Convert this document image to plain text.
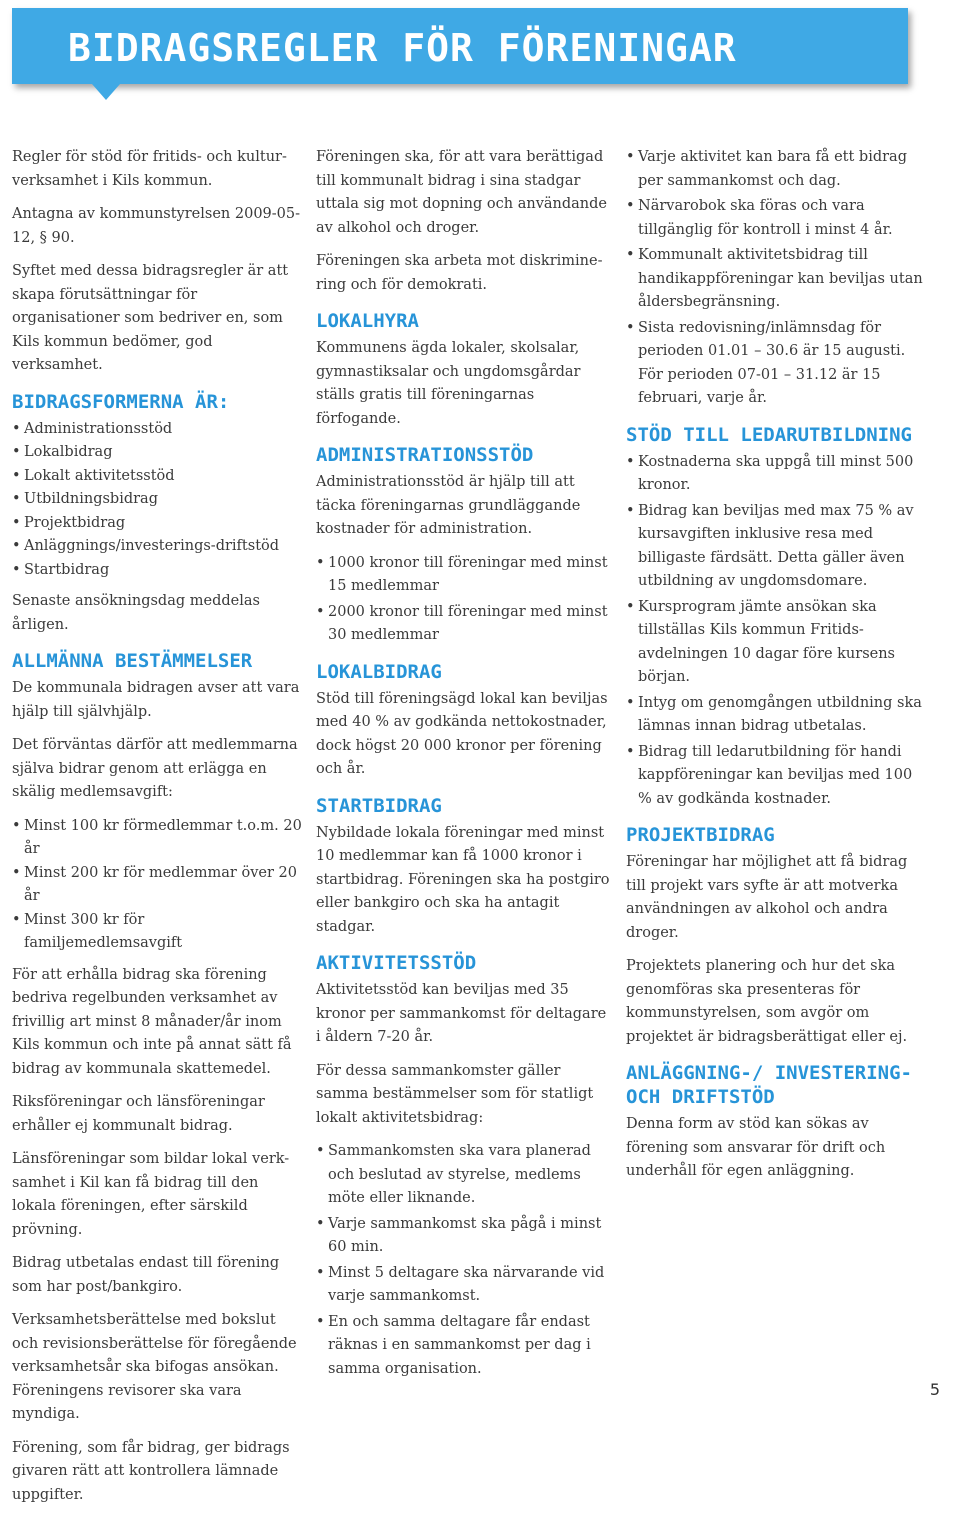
BIDRAGSREGLER FÖR FÖRENINGAR

Regler för stöd för fritids- och kultur-verksamhet i Kils kommun.

Antagna av kommunstyrelsen 2009-05-12, § 90.

Syftet med dessa bidragsregler är att skapa förutsättningar för organisationer som bedriver en, som Kils kommun bedömer, god verksamhet.

BIDRAGSFORMERNA ÄR:
• Administrationsstöd
• Lokalbidrag
• Lokalt aktivitetsstöd
• Utbildningsbidrag
• Projektbidrag
• Anläggnings/investerings-driftstöd
• Startbidrag

Senaste ansökningsdag meddelas årligen.

ALLMÄNNA BESTÄMMELSER

De kommunala bidragen avser att vara hjälp till självhjälp.

Det förväntas därför att medlemmarna själva bidrar genom att erlägga en skälig medlemsavgift:

• Minst 100 kr förmedlemmar t.o.m. 20 år
• Minst 200 kr för medlemmar över 20 år
• Minst 300 kr för familjemedlemsavgift

För att erhålla bidrag ska förening bedriva regelbunden verksamhet av frivillig art minst 8 månader/år inom Kils kommun och inte på annat sätt få bidrag av kommunala skattemedel.

Riksföreningar och länsföreningar erhåller ej kommunalt bidrag.

Länsföreningar som bildar lokal verk-samhet i Kil kan få bidrag till den lokala föreningen, efter särskild prövning.

Bidrag utbetalas endast till förening som har post/bankgiro.

Verksamhetsberättelse med bokslut och revisionsberättelse för föregående verksamhetsår ska bifogas ansökan. Föreningens revisorer ska vara myndiga.

Förening, som får bidrag, ger bidrags givaren rätt att kontrollera lämnade uppgifter.

Föreningen ska, för att vara berättigad till kommunalt bidrag i sina stadgar uttala sig mot dopning och användande av alkohol och droger.

Föreningen ska arbeta mot diskrimine-ring och för demokrati.

LOKALHYRA

Kommunens ägda lokaler, skolsalar, gymnastiksalar och ungdomsgårdar ställs gratis till föreningarnas förfogande.

ADMINISTRATIONSSTÖD

Administrationsstöd är hjälp till att täcka föreningarnas grundläggande kostnader för administration.

• 1000 kronor till föreningar med minst 15 medlemmar
• 2000 kronor till föreningar med minst 30 medlemmar
LOKALBIDRAG

Stöd till föreningsägd lokal kan beviljas med 40 % av godkända nettokostnader, dock högst 20 000 kronor per förening och år.

STARTBIDRAG

Nybildade lokala föreningar med minst 10 medlemmar kan få 1000 kronor i startbidrag. Föreningen ska ha postgiro eller bankgiro och ska ha antagit stadgar.

AKTIVITETSSTÖD

Aktivitetsstöd kan beviljas med 35 kronor per sammankomst för deltagare i åldern 7-20 år.

För dessa sammankomster gäller samma bestämmelser som för statligt lokalt aktivitetsbidrag:

• Sammankomsten ska vara planerad och beslutad av styrelse, medlems möte eller liknande.
• Varje sammankomst ska pågå i minst 60 min.
• Minst 5 deltagare ska närvarande vid varje sammankomst.
• En och samma deltagare får endast räknas i en sammankomst per dag i samma organisation.
• Varje aktivitet kan bara få ett bidrag per sammankomst och dag.
• Närvarobok ska föras och vara tillgänglig för kontroll i minst 4 år.
• Kommunalt aktivitetsbidrag till handikappföreningar kan beviljas utan åldersbegränsning.
• Sista redovisning/inlämnsdag för perioden 01.01 – 30.6 är 15 augusti. För perioden 07-01 – 31.12 är 15 februari, varje år.
STÖD TILL LEDARUTBILDNING
• Kostnaderna ska uppgå till minst 500 kronor.
• Bidrag kan beviljas med max 75 % av kursavgiften inklusive resa med billigaste färdsätt. Detta gäller även utbildning av ungdomsdomare.
• Kursprogram jämte ansökan ska tillställas Kils kommun Fritids-avdelningen 10 dagar före kursens början.
• Intyg om genomgången utbildning ska lämnas innan bidrag utbetalas.
• Bidrag till ledarutbildning för handi kappföreningar kan beviljas med 100 % av godkända kostnader.
PROJEKTBIDRAG

Föreningar har möjlighet att få bidrag till projekt vars syfte är att motverka användningen av alkohol och andra droger.

Projektets planering och hur det ska genomföras ska presenteras för kommunstyrelsen, som avgör om projektet är bidragsberättigat eller ej.

ANLÄGGNING-/ INVESTERING- OCH DRIFTSTÖD

Denna form av stöd kan sökas av förening som ansvarar för drift och underhåll för egen anläggning.

5
